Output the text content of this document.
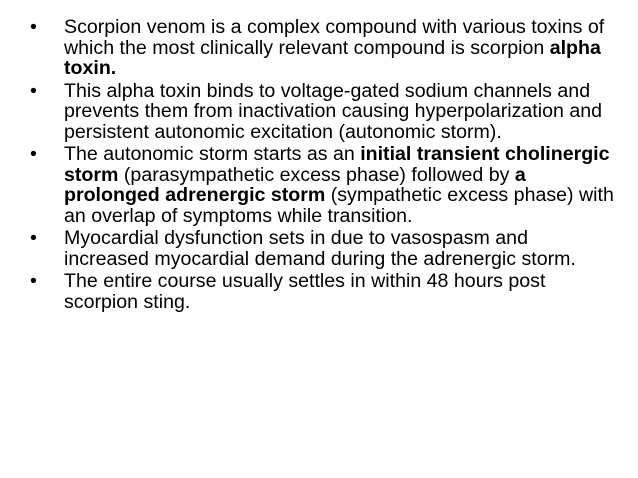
• Scorpion venom is a complex compound with various toxins of which the most clinically relevant compound is scorpion alpha toxin.
• This alpha toxin binds to voltage-gated sodium channels and prevents them from inactivation causing hyperpolarization and persistent autonomic excitation (autonomic storm).
• The autonomic storm starts as an initial transient cholinergic storm (parasympathetic excess phase) followed by a prolonged adrenergic storm (sympathetic excess phase) with an overlap of symptoms while transition.
• Myocardial dysfunction sets in due to vasospasm and increased myocardial demand during the adrenergic storm.
• The entire course usually settles in within 48 hours post scorpion sting.
